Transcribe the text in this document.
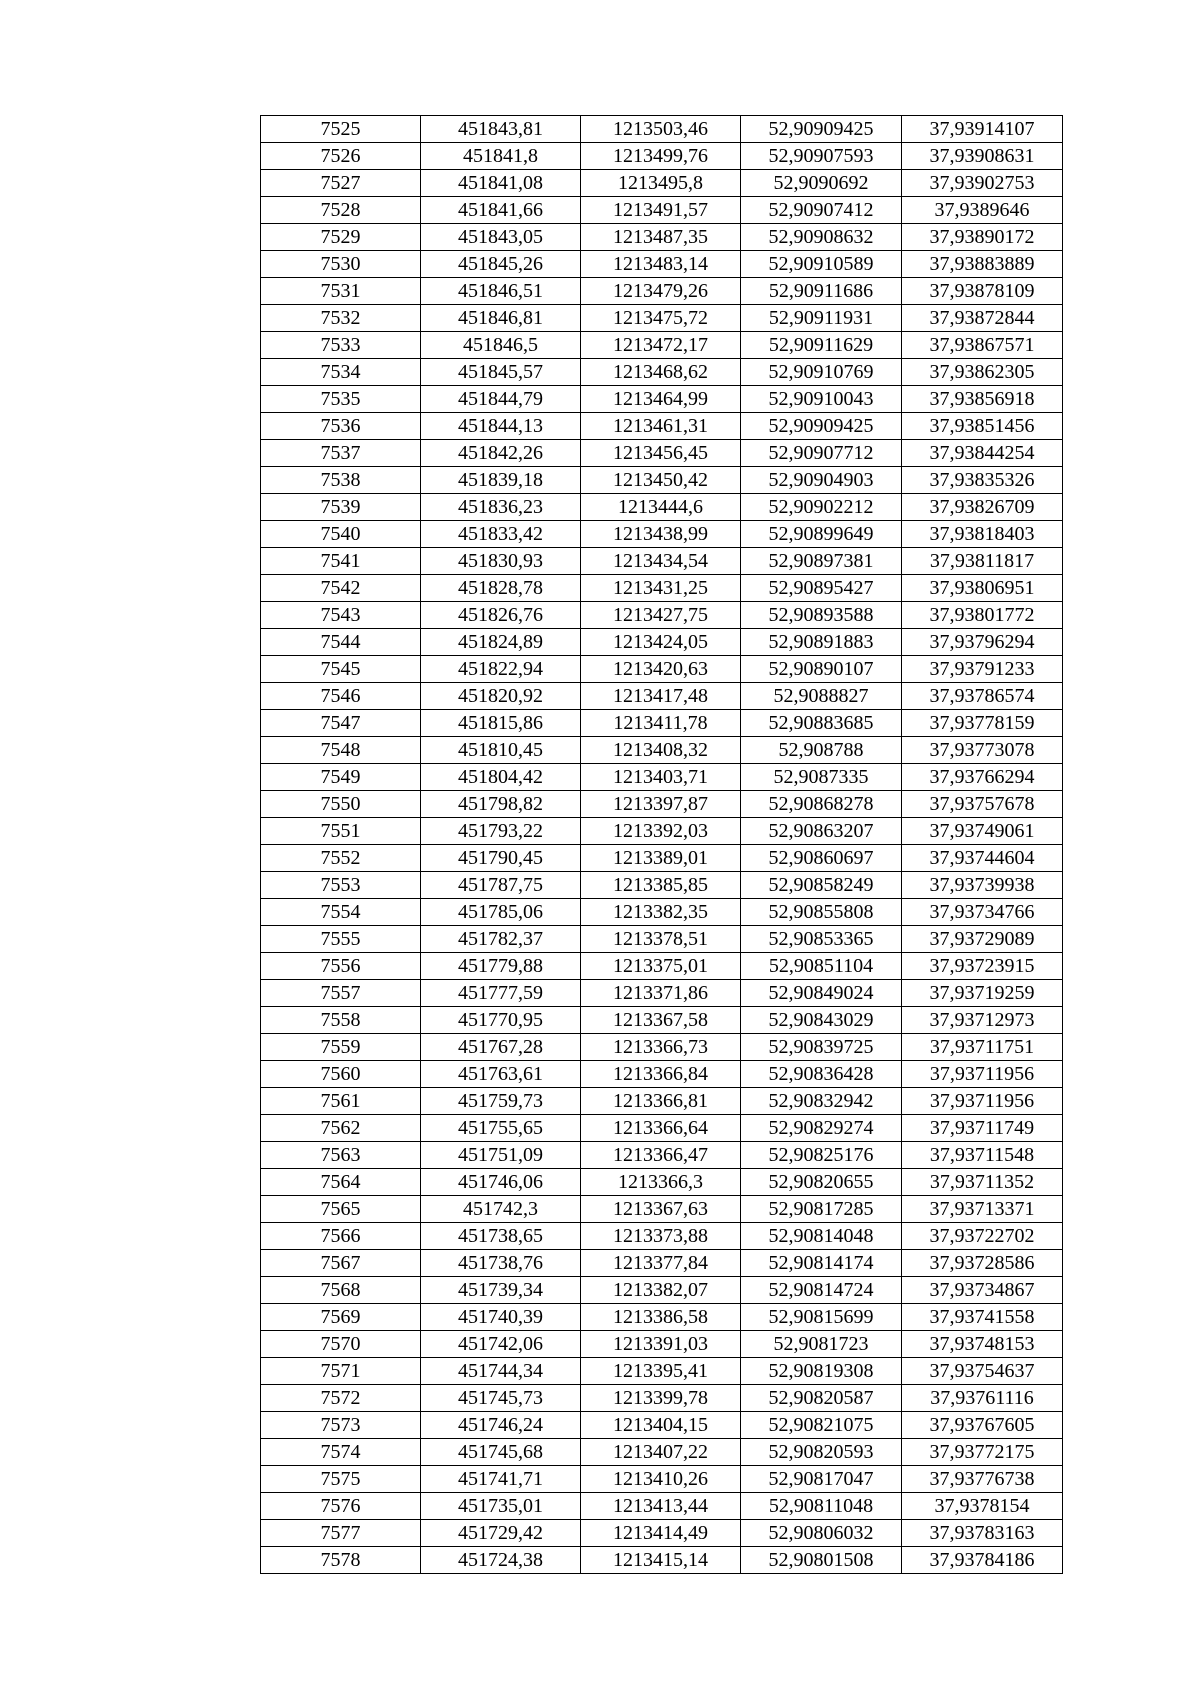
7525	451843,81	1213503,46	52,90909425	37,93914107
7526	451841,8	1213499,76	52,90907593	37,93908631
7527	451841,08	1213495,8	52,9090692	37,93902753
7528	451841,66	1213491,57	52,90907412	37,9389646
7529	451843,05	1213487,35	52,90908632	37,93890172
7530	451845,26	1213483,14	52,90910589	37,93883889
7531	451846,51	1213479,26	52,90911686	37,93878109
7532	451846,81	1213475,72	52,90911931	37,93872844
7533	451846,5	1213472,17	52,90911629	37,93867571
7534	451845,57	1213468,62	52,90910769	37,93862305
7535	451844,79	1213464,99	52,90910043	37,93856918
7536	451844,13	1213461,31	52,90909425	37,93851456
7537	451842,26	1213456,45	52,90907712	37,93844254
7538	451839,18	1213450,42	52,90904903	37,93835326
7539	451836,23	1213444,6	52,90902212	37,93826709
7540	451833,42	1213438,99	52,90899649	37,93818403
7541	451830,93	1213434,54	52,90897381	37,93811817
7542	451828,78	1213431,25	52,90895427	37,93806951
7543	451826,76	1213427,75	52,90893588	37,93801772
7544	451824,89	1213424,05	52,90891883	37,93796294
7545	451822,94	1213420,63	52,90890107	37,93791233
7546	451820,92	1213417,48	52,9088827	37,93786574
7547	451815,86	1213411,78	52,90883685	37,93778159
7548	451810,45	1213408,32	52,908788	37,93773078
7549	451804,42	1213403,71	52,9087335	37,93766294
7550	451798,82	1213397,87	52,90868278	37,93757678
7551	451793,22	1213392,03	52,90863207	37,93749061
7552	451790,45	1213389,01	52,90860697	37,93744604
7553	451787,75	1213385,85	52,90858249	37,93739938
7554	451785,06	1213382,35	52,90855808	37,93734766
7555	451782,37	1213378,51	52,90853365	37,93729089
7556	451779,88	1213375,01	52,90851104	37,93723915
7557	451777,59	1213371,86	52,90849024	37,93719259
7558	451770,95	1213367,58	52,90843029	37,93712973
7559	451767,28	1213366,73	52,90839725	37,93711751
7560	451763,61	1213366,84	52,90836428	37,93711956
7561	451759,73	1213366,81	52,90832942	37,93711956
7562	451755,65	1213366,64	52,90829274	37,93711749
7563	451751,09	1213366,47	52,90825176	37,93711548
7564	451746,06	1213366,3	52,90820655	37,93711352
7565	451742,3	1213367,63	52,90817285	37,93713371
7566	451738,65	1213373,88	52,90814048	37,93722702
7567	451738,76	1213377,84	52,90814174	37,93728586
7568	451739,34	1213382,07	52,90814724	37,93734867
7569	451740,39	1213386,58	52,90815699	37,93741558
7570	451742,06	1213391,03	52,9081723	37,93748153
7571	451744,34	1213395,41	52,90819308	37,93754637
7572	451745,73	1213399,78	52,90820587	37,93761116
7573	451746,24	1213404,15	52,90821075	37,93767605
7574	451745,68	1213407,22	52,90820593	37,93772175
7575	451741,71	1213410,26	52,90817047	37,93776738
7576	451735,01	1213413,44	52,90811048	37,9378154
7577	451729,42	1213414,49	52,90806032	37,93783163
7578	451724,38	1213415,14	52,90801508	37,93784186
